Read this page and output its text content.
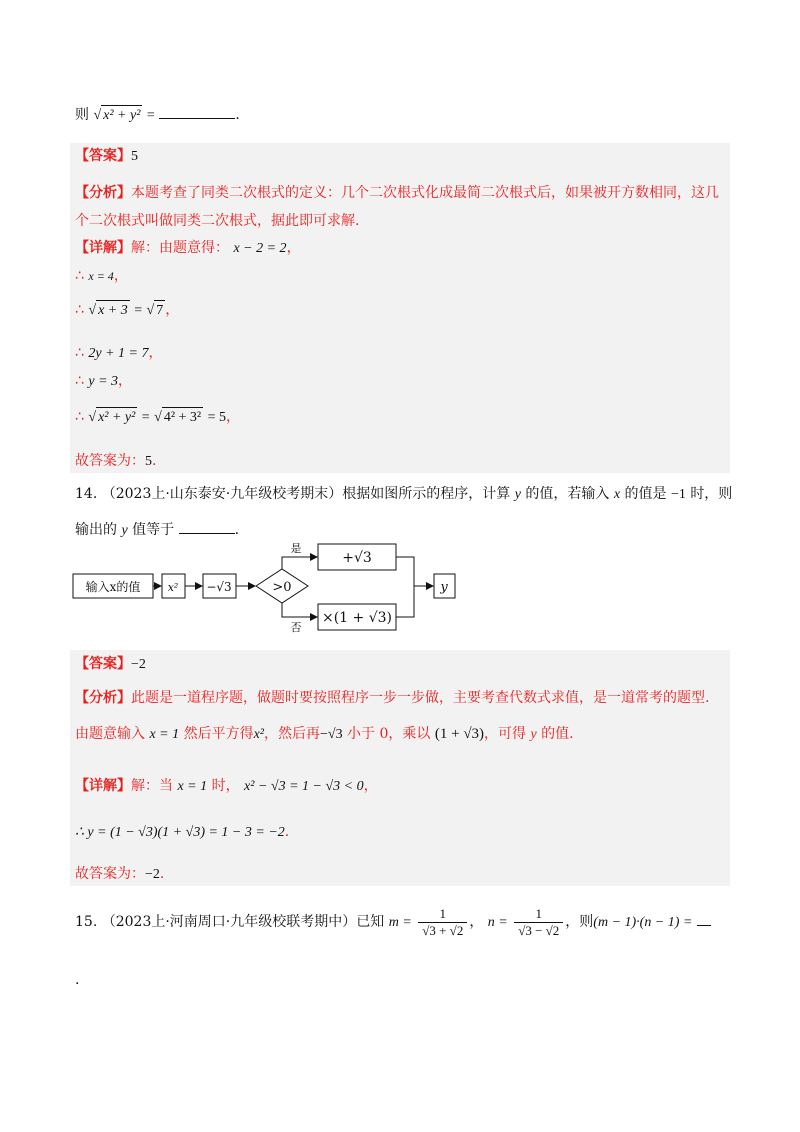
则 √ x² + y² =	.
【答案】5
【分析】本题考查了同类二次根式的定义：几个二次根式化成最简二次根式后，如果被开方数相同，这几
个二次根式叫做同类二次根式，据此即可求解.
【详解】解：由题意得： x − 2 = 2，
∴ x = 4，
∴ √ x + 3 = √ 7 ，
∴ 2y + 1 = 7，
∴ y = 3，
∴ √ x² + y² = √ 4² + 3² = 5，
故答案为：5.
14. （2023上·山东泰安·九年级校考期末）根据如图所示的程序，计算 y 的值，若输入 x 的值是 −1 时，则
输出的 y 值等于	.
输入x的值 x² −√3	>0
是
否
+√3
×(1 + √3)
y
【答案】−2
【分析】此题是一道程序题，做题时要按照程序一步一步做，主要考查代数式求值，是一道常考的题型.
由题意输入 x = 1 然后平方得x²，然后再−√3 小于 0，乘以 (1 + √3)，可得 y 的值.
【详解】解：当 x = 1 时， x² − √3 = 1 − √3 < 0，
∴ y = (1 − √3)(1 + √3) = 1 − 3 = −2.
故答案为：−2.
15. （2023上·河南周口·九年级校联考期中）已知 $m = \frac{1}{√3 + √2}$ ， $n = \frac{1}{√3 - √2}$ ，则(m − 1)·(n − 1) =
.
